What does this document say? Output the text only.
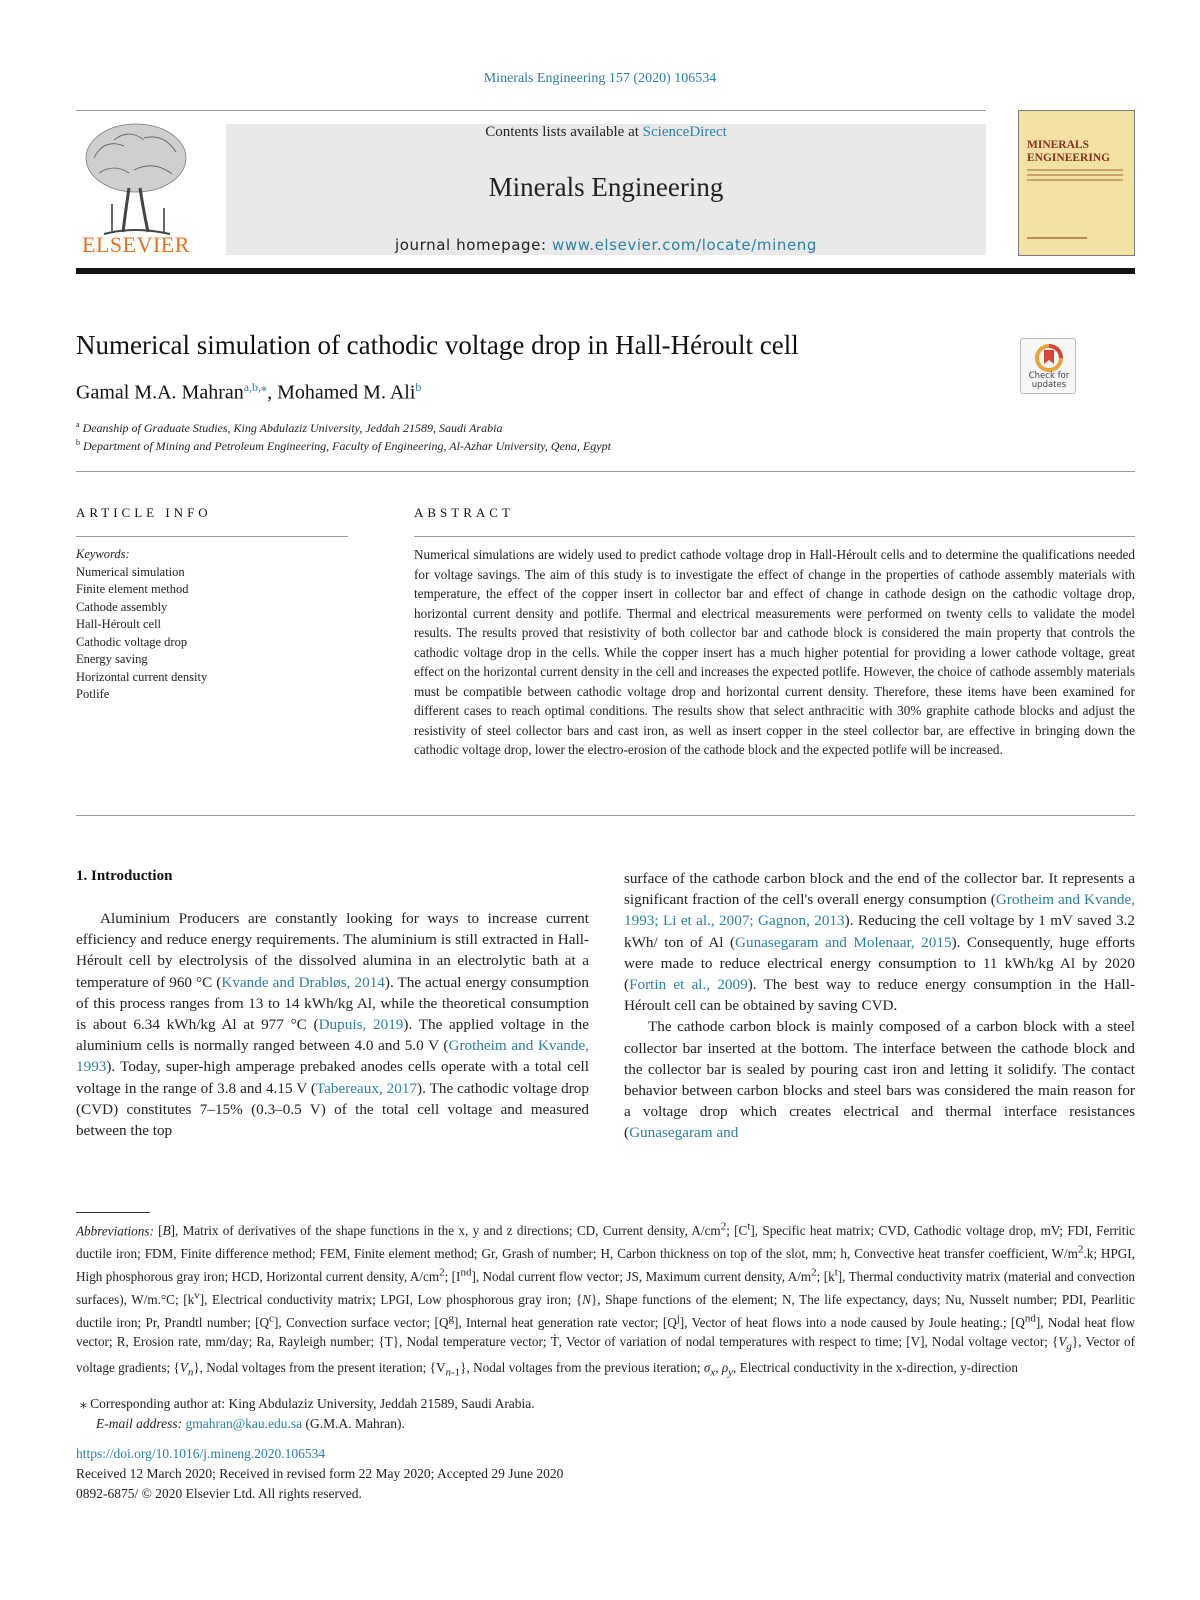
Minerals Engineering 157 (2020) 106534
ELSEVIER
Contents lists available at ScienceDirect
Minerals Engineering
journal homepage: www.elsevier.com/locate/mineng
MINERALS ENGINEERING
Numerical simulation of cathodic voltage drop in Hall-Héroult cell
Check for updates
Gamal M.A. Mahran$^{a,b,⁎}$, Mohamed M. Ali$^b$
$^a$ Deanship of Graduate Studies, King Abdulaziz University, Jeddah 21589, Saudi Arabia
$^b$ Department of Mining and Petroleum Engineering, Faculty of Engineering, Al-Azhar University, Qena, Egypt
ARTICLE INFO	ABSTRACT
Keywords:
Numerical simulation
Finite element method
Cathode assembly
Hall-Héroult cell
Cathodic voltage drop
Energy saving
Horizontal current density
Potlife
Numerical simulations are widely used to predict cathode voltage drop in Hall-Héroult cells and to determine the qualifications needed for voltage savings. The aim of this study is to investigate the effect of change in the properties of cathode assembly materials with temperature, the effect of the copper insert in collector bar and effect of change in cathode design on the cathodic voltage drop, horizontal current density and potlife. Thermal and electrical measurements were performed on twenty cells to validate the model results. The results proved that resistivity of both collector bar and cathode block is considered the main property that controls the cathodic voltage drop in the cells. While the copper insert has a much higher potential for providing a lower cathode voltage, great effect on the horizontal current density in the cell and increases the expected potlife. However, the choice of cathode assembly materials must be compatible between cathodic voltage drop and horizontal current density. Therefore, these items have been examined for different cases to reach optimal conditions. The results show that select anthracitic with 30% graphite cathode blocks and adjust the resistivity of steel collector bars and cast iron, as well as insert copper in the steel collector bar, are effective in bringing down the cathodic voltage drop, lower the electro-erosion of the cathode block and the expected potlife will be increased.
1. Introduction

Aluminium Producers are constantly looking for ways to increase current efficiency and reduce energy requirements. The aluminium is still extracted in Hall-Héroult cell by electrolysis of the dissolved alumina in an electrolytic bath at a temperature of 960 °C (Kvande and Drabløs, 2014). The actual energy consumption of this process ranges from 13 to 14 kWh/kg Al, while the theoretical consumption is about 6.34 kWh/kg Al at 977 °C (Dupuis, 2019). The applied voltage in the aluminium cells is normally ranged between 4.0 and 5.0 V (Grotheim and Kvande, 1993). Today, super-high amperage prebaked anodes cells operate with a total cell voltage in the range of 3.8 and 4.15 V (Tabereaux, 2017). The cathodic voltage drop (CVD) constitutes 7–15% (0.3–0.5 V) of the total cell voltage and measured between the top

surface of the cathode carbon block and the end of the collector bar. It represents a significant fraction of the cell's overall energy consumption (Grotheim and Kvande, 1993; Li et al., 2007; Gagnon, 2013). Reducing the cell voltage by 1 mV saved 3.2 kWh/ ton of Al (Gunasegaram and Molenaar, 2015). Consequently, huge efforts were made to reduce electrical energy consumption to 11 kWh/kg Al by 2020 (Fortin et al., 2009). The best way to reduce energy consumption in the Hall-Héroult cell can be obtained by saving CVD.

The cathode carbon block is mainly composed of a carbon block with a steel collector bar inserted at the bottom. The interface between the cathode block and the collector bar is sealed by pouring cast iron and letting it solidify. The contact behavior between carbon blocks and steel bars was considered the main reason for a voltage drop which creates electrical and thermal interface resistances (Gunasegaram and

Abbreviations: [B], Matrix of derivatives of the shape functions in the x, y and z directions; CD, Current density, $A/cm^2$; $[C^t]$, Specific heat matrix; CVD, Cathodic voltage drop, mV; FDI, Ferritic ductile iron; FDM, Finite difference method; FEM, Finite element method; Gr, Grash of number; H, Carbon thickness on top of the slot, mm; h, Convective heat transfer coefficient, $W/m^2.k$; HPGI, High phosphorous gray iron; HCD, Horizontal current density, $A/cm^2$; [Ind], Nodal current flow vector; JS, Maximum current density, $A/m^2$; $[k^t]$, Thermal conductivity matrix (material and convection surfaces), W/m.°C; $[k^v]$, Electrical conductivity matrix; LPGI, Low phosphorous gray iron; {N}, Shape functions of the element; N, The life expectancy, days; Nu, Nusselt number; PDI, Pearlitic ductile iron; Pr, Prandtl number; $[Q^c]$, Convection surface vector; $[Q^g]$, Internal heat generation rate vector; $[Q^j]$, Vector of heat flows into a node caused by Joule heating.; $[Q^{nd}]$, Nodal heat flow vector; R, Erosion rate, mm/day; Ra, Rayleigh number; {T}, Nodal temperature vector; Ṫ, Vector of variation of nodal temperatures with respect to time; [V], Nodal voltage vector; $\{V_g\}$, Vector of voltage gradients; $\{V_n\}$, Nodal voltages from the present iteration; $\{V_{n-1}\}$, Nodal voltages from the previous iteration; $\sigma_x$, $\rho_y$, Electrical conductivity in the x-direction, y-direction
⁎ Corresponding author at: King Abdulaziz University, Jeddah 21589, Saudi Arabia.
E-mail address: gmahran@kau.edu.sa (G.M.A. Mahran).
https://doi.org/10.1016/j.mineng.2020.106534
Received 12 March 2020; Received in revised form 22 May 2020; Accepted 29 June 2020
0892-6875/ © 2020 Elsevier Ltd. All rights reserved.
